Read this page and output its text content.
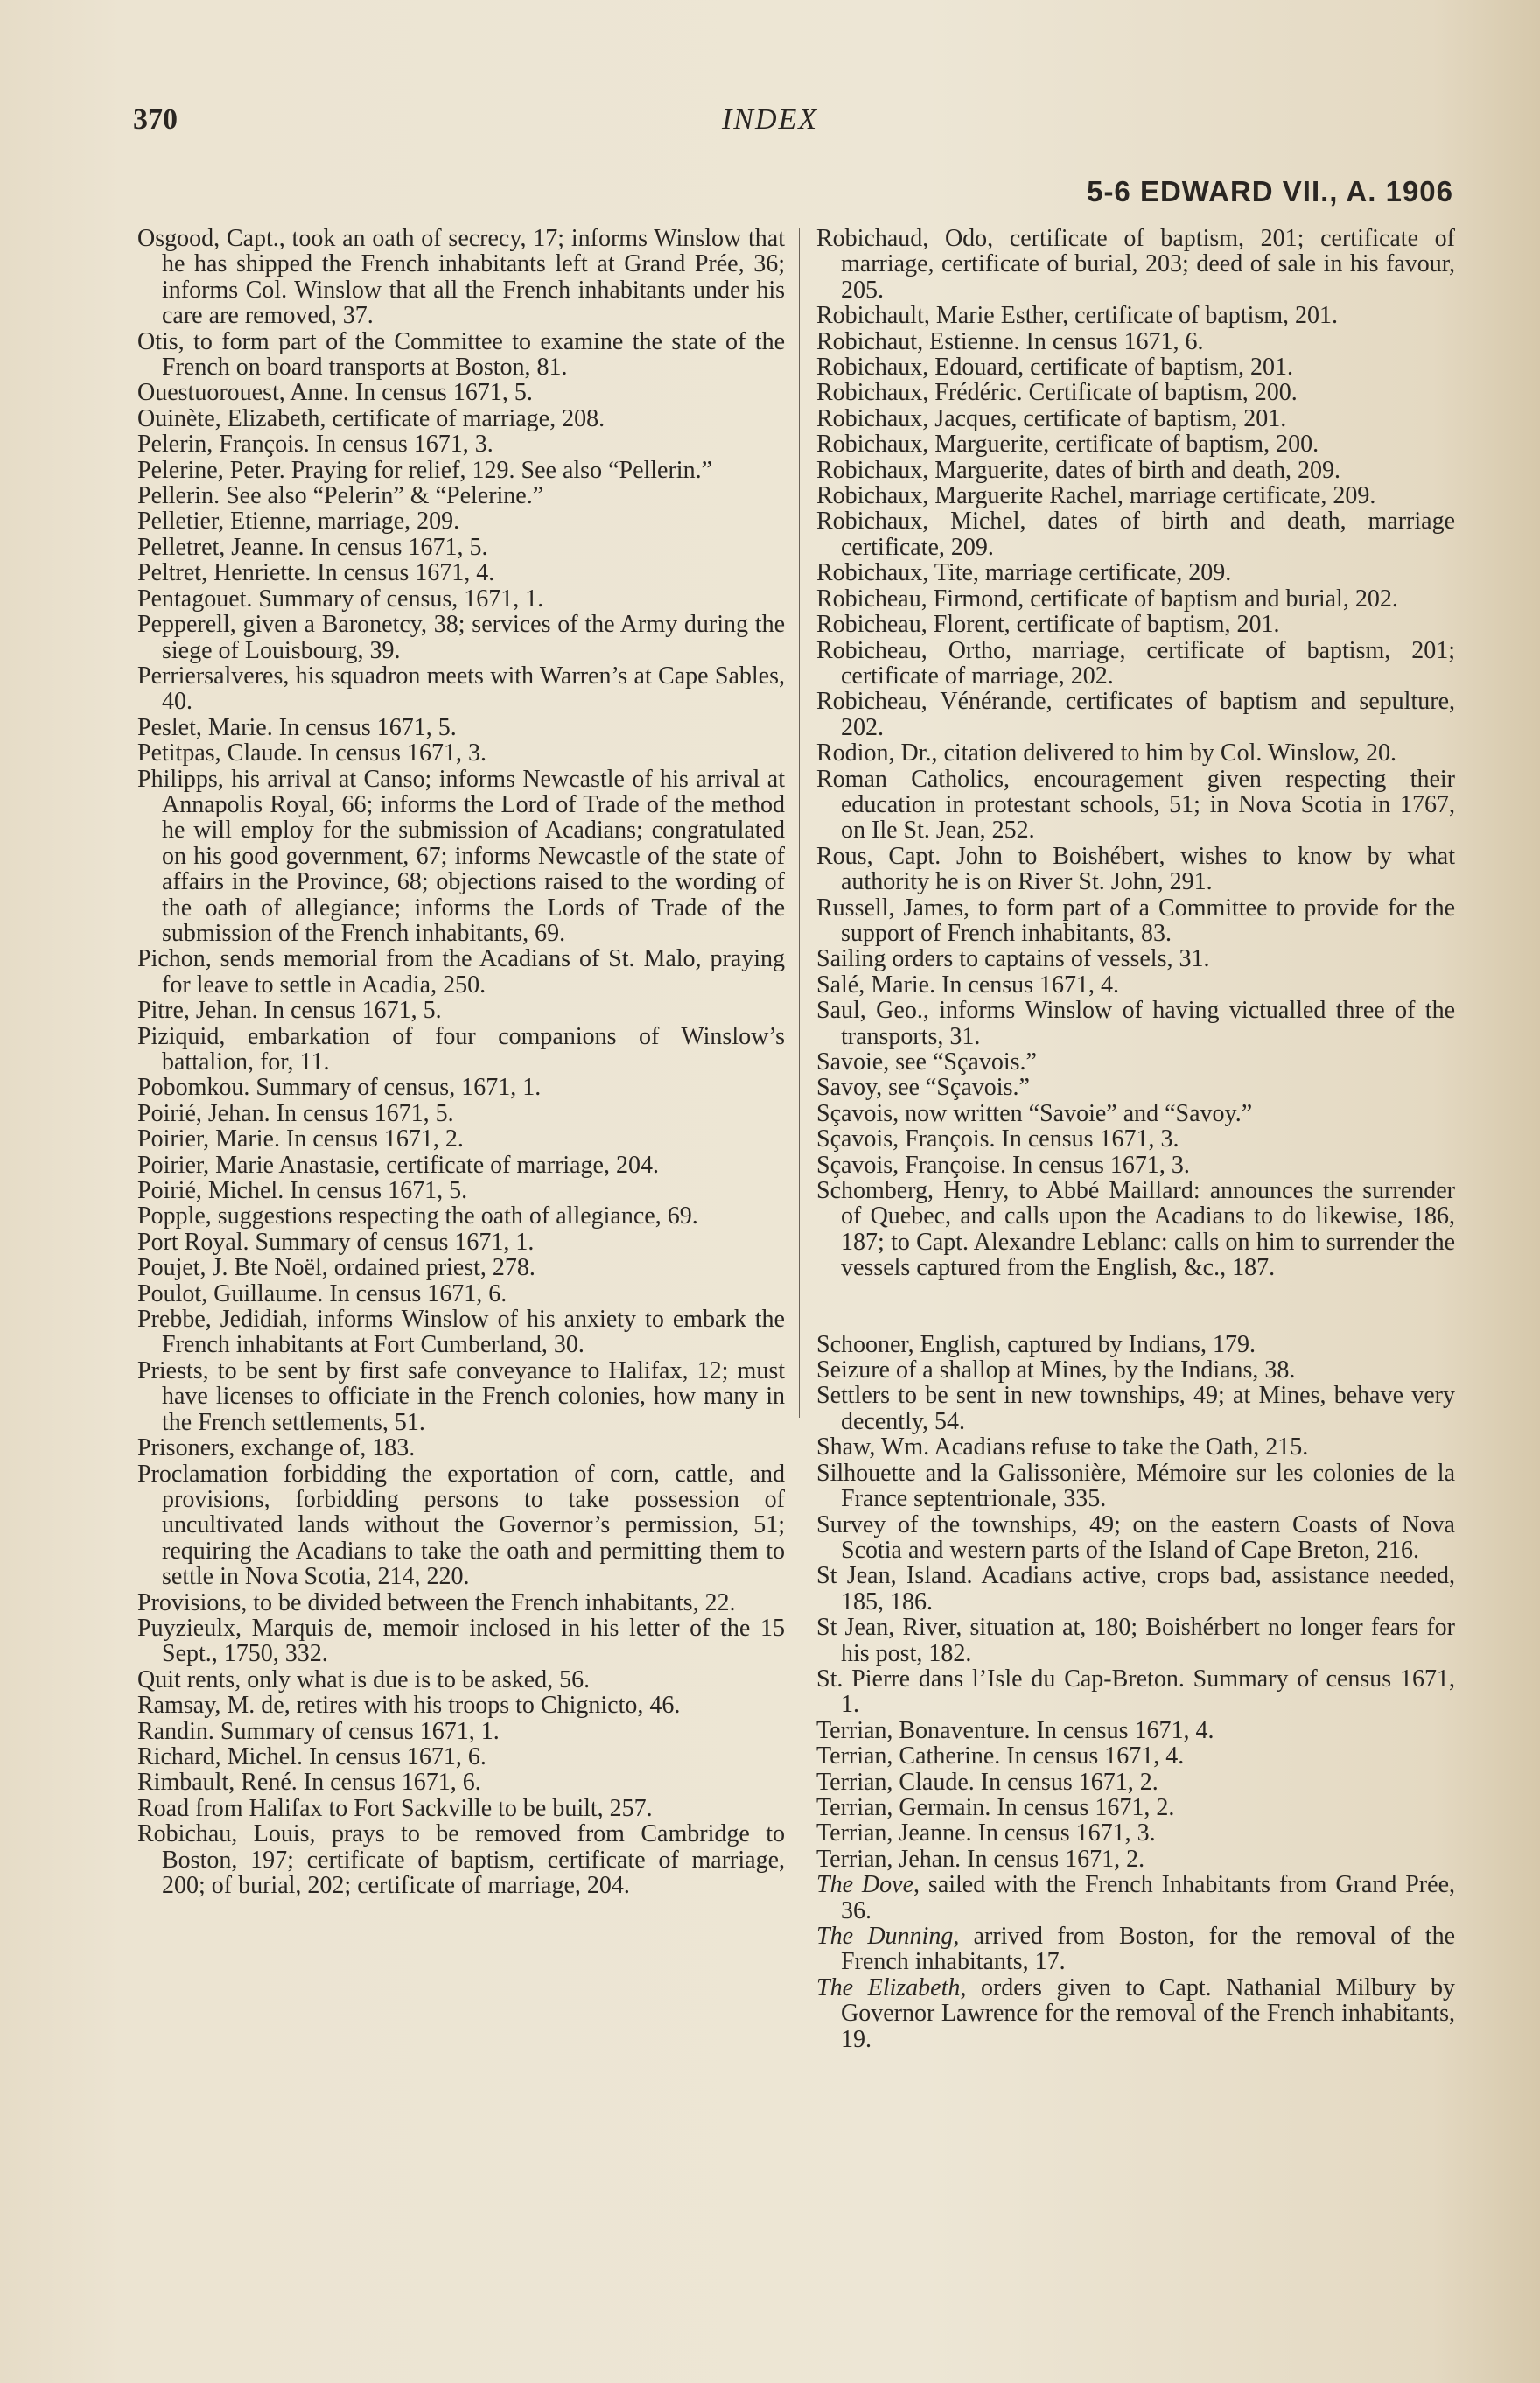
370	INDEX
5-6 EDWARD VII., A. 1906

Osgood, Capt., took an oath of secrecy, 17; informs Winslow that he has shipped the French inhabitants left at Grand Prée, 36; informs Col. Winslow that all the French inhabitants under his care are removed, 37.

Otis, to form part of the Committee to examine the state of the French on board transports at Boston, 81.

Ouestuorouest, Anne. In census 1671, 5.

Ouinète, Elizabeth, certificate of marriage, 208.

Pelerin, François. In census 1671, 3.

Pelerine, Peter. Praying for relief, 129. See also “Pellerin.”

Pellerin. See also “Pelerin” & “Pelerine.”

Pelletier, Etienne, marriage, 209.

Pelletret, Jeanne. In census 1671, 5.

Peltret, Henriette. In census 1671, 4.

Pentagouet. Summary of census, 1671, 1.

Pepperell, given a Baronetcy, 38; services of the Army during the siege of Louisbourg, 39.

Perriersalveres, his squadron meets with Warren’s at Cape Sables, 40.

Peslet, Marie. In census 1671, 5.

Petitpas, Claude. In census 1671, 3.

Philipps, his arrival at Canso; informs Newcastle of his arrival at Annapolis Royal, 66; informs the Lord of Trade of the method he will employ for the submission of Acadians; congratulated on his good government, 67; informs Newcastle of the state of affairs in the Province, 68; objections raised to the wording of the oath of allegiance; informs the Lords of Trade of the submission of the French inhabitants, 69.

Pichon, sends memorial from the Acadians of St. Malo, praying for leave to settle in Acadia, 250.

Pitre, Jehan. In census 1671, 5.

Piziquid, embarkation of four companions of Winslow’s battalion, for, 11.

Pobomkou. Summary of census, 1671, 1.

Poirié, Jehan. In census 1671, 5.

Poirier, Marie. In census 1671, 2.

Poirier, Marie Anastasie, certificate of marriage, 204.

Poirié, Michel. In census 1671, 5.

Popple, suggestions respecting the oath of allegiance, 69.

Port Royal. Summary of census 1671, 1.

Poujet, J. Bte Noël, ordained priest, 278.

Poulot, Guillaume. In census 1671, 6.

Prebbe, Jedidiah, informs Winslow of his anxiety to embark the French inhabitants at Fort Cumberland, 30.

Priests, to be sent by first safe conveyance to Halifax, 12; must have licenses to officiate in the French colonies, how many in the French settlements, 51.

Prisoners, exchange of, 183.

Proclamation forbidding the exportation of corn, cattle, and provisions, forbidding persons to take possession of uncultivated lands without the Governor’s permission, 51; requiring the Acadians to take the oath and permitting them to settle in Nova Scotia, 214, 220.

Provisions, to be divided between the French inhabitants, 22.

Puyzieulx, Marquis de, memoir inclosed in his letter of the 15 Sept., 1750, 332.

Quit rents, only what is due is to be asked, 56.

Ramsay, M. de, retires with his troops to Chignicto, 46.

Randin. Summary of census 1671, 1.

Richard, Michel. In census 1671, 6.

Rimbault, René. In census 1671, 6.

Road from Halifax to Fort Sackville to be built, 257.

Robichau, Louis, prays to be removed from Cambridge to Boston, 197; certificate of baptism, certificate of marriage, 200; of burial, 202; certificate of marriage, 204.

Robichaud, Odo, certificate of baptism, 201; certificate of marriage, certificate of burial, 203; deed of sale in his favour, 205.

Robichault, Marie Esther, certificate of baptism, 201.

Robichaut, Estienne. In census 1671, 6.

Robichaux, Edouard, certificate of baptism, 201.

Robichaux, Frédéric. Certificate of baptism, 200.

Robichaux, Jacques, certificate of baptism, 201.

Robichaux, Marguerite, certificate of baptism, 200.

Robichaux, Marguerite, dates of birth and death, 209.

Robichaux, Marguerite Rachel, marriage certificate, 209.

Robichaux, Michel, dates of birth and death, marriage certificate, 209.

Robichaux, Tite, marriage certificate, 209.

Robicheau, Firmond, certificate of baptism and burial, 202.

Robicheau, Florent, certificate of baptism, 201.

Robicheau, Ortho, marriage, certificate of baptism, 201; certificate of marriage, 202.

Robicheau, Vénérande, certificates of baptism and sepulture, 202.

Rodion, Dr., citation delivered to him by Col. Winslow, 20.

Roman Catholics, encouragement given respecting their education in protestant schools, 51; in Nova Scotia in 1767, on Ile St. Jean, 252.

Rous, Capt. John to Boishébert, wishes to know by what authority he is on River St. John, 291.

Russell, James, to form part of a Committee to provide for the support of French inhabitants, 83.

Sailing orders to captains of vessels, 31.

Salé, Marie. In census 1671, 4.

Saul, Geo., informs Winslow of having victualled three of the transports, 31.

Savoie, see “Sçavois.”

Savoy, see “Sçavois.”

Sçavois, now written “Savoie” and “Savoy.”

Sçavois, François. In census 1671, 3.

Sçavois, Françoise. In census 1671, 3.

Schomberg, Henry, to Abbé Maillard: announces the surrender of Quebec, and calls upon the Acadians to do likewise, 186, 187; to Capt. Alexandre Leblanc: calls on him to surrender the vessels captured from the English, &c., 187.

Schooner, English, captured by Indians, 179.

Seizure of a shallop at Mines, by the Indians, 38.

Settlers to be sent in new townships, 49; at Mines, behave very decently, 54.

Shaw, Wm. Acadians refuse to take the Oath, 215.

Silhouette and la Galissonière, Mémoire sur les colonies de la France septentrionale, 335.

Survey of the townships, 49; on the eastern Coasts of Nova Scotia and western parts of the Island of Cape Breton, 216.

St Jean, Island. Acadians active, crops bad, assistance needed, 185, 186.

St Jean, River, situation at, 180; Boishérbert no longer fears for his post, 182.

St. Pierre dans l’Isle du Cap-Breton. Summary of census 1671, 1.

Terrian, Bonaventure. In census 1671, 4.

Terrian, Catherine. In census 1671, 4.

Terrian, Claude. In census 1671, 2.

Terrian, Germain. In census 1671, 2.

Terrian, Jeanne. In census 1671, 3.

Terrian, Jehan. In census 1671, 2.

The Dove, sailed with the French Inhabitants from Grand Prée, 36.

The Dunning, arrived from Boston, for the removal of the French inhabitants, 17.

The Elizabeth, orders given to Capt. Nathanial Milbury by Governor Lawrence for the removal of the French inhabitants, 19.
